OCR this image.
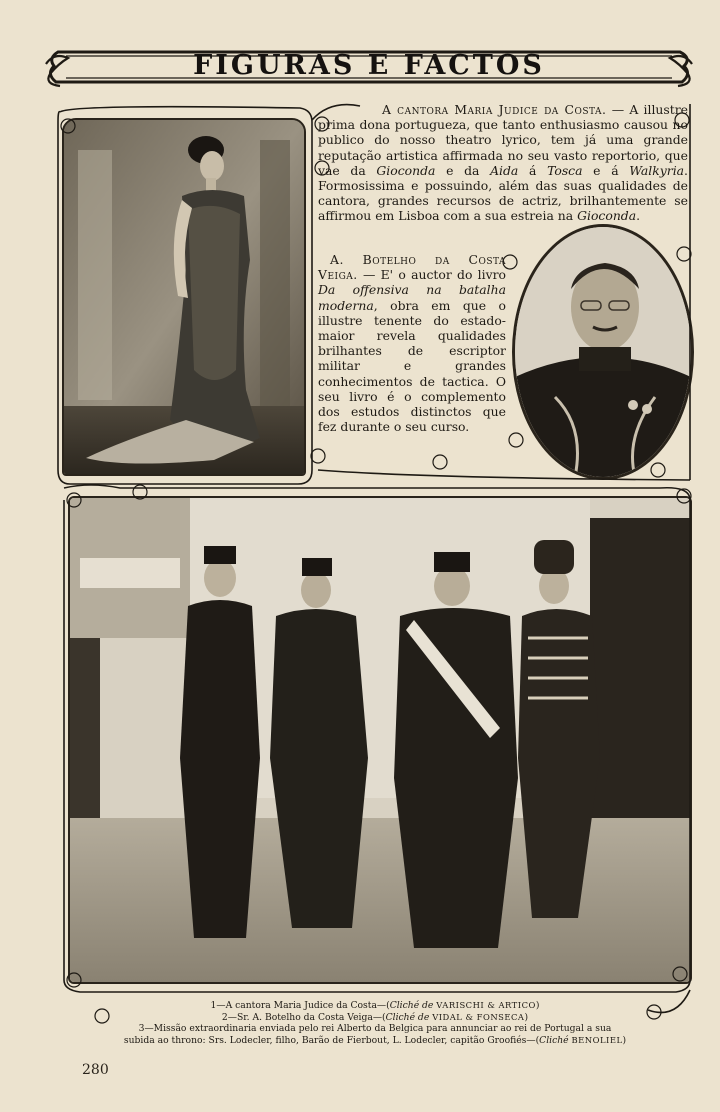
FIGURAS E FACTOS

A cantora Maria Judice da Costa. — A illustre prima dona portugueza, que tanto enthusiasmo causou no publico do nosso theatro lyrico, tem já uma grande reputação artistica affirmada no seu vasto reportorio, que vae da Gioconda e da Aida á Tosca e á Walkyria. Formosissima e possuindo, além das suas qualidades de cantora, grandes recursos de actriz, brilhantemente se affirmou em Lisboa com a sua estreia na Gioconda.

A. Botelho da Costa Veiga. — E' o auctor do livro Da offensiva na batalha moderna, obra em que o illustre tenente do estado-maior revela qualidades brilhantes de escriptor militar e grandes conhecimentos de tactica. O seu livro é o complemento dos estudos distinctos que fez durante o seu curso.

1—A cantora Maria Judice da Costa—(Cliché de VARISCHI & ARTICO)
2—Sr. A. Botelho da Costa Veiga—(Cliché de VIDAL & FONSECA)
3—Missão extraordinaria enviada pelo rei Alberto da Belgica para annunciar ao rei de Portugal a sua
subida ao throno: Srs. Lodecler, filho, Barão de Fierbout, L. Lodecler, capitão Groofiés—(Cliché BENOLIEL)
280
